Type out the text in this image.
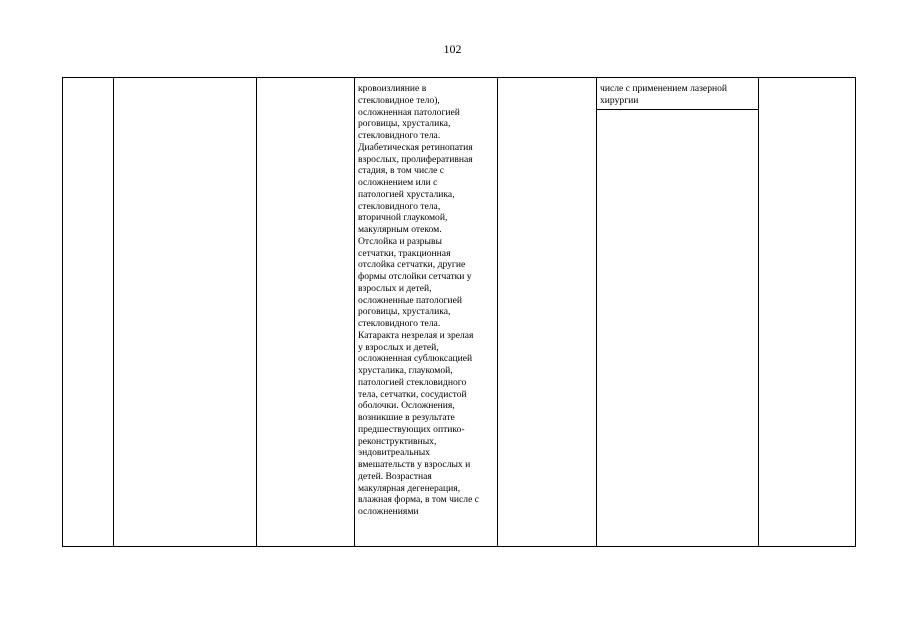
102

кровоизлияние в
стекловидное тело),
осложненная патологией
роговицы, хрусталика,
стекловидного тела.
Диабетическая ретинопатия
взрослых, пролиферативная
стадия, в том числе с
осложнением или с
патологией хрусталика,
стекловидного тела,
вторичной глаукомой,
макулярным отеком.
Отслойка и разрывы
сетчатки, тракционная
отслойка сетчатки, другие
формы отслойки сетчатки у
взрослых и детей,
осложненные патологией
роговицы, хрусталика,
стекловидного тела.
Катаракта незрелая и зрелая
у взрослых и детей,
осложненная сублюксацией
хрусталика, глаукомой,
патологией стекловидного
тела, сетчатки, сосудистой
оболочки. Осложнения,
возникшие в результате
предшествующих оптико-
реконструктивных,
эндовитреальных
вмешательств у взрослых и
детей. Возрастная
макулярная дегенерация,
влажная форма, в том числе с
осложнениями

числе с применением лазерной
хирургии
